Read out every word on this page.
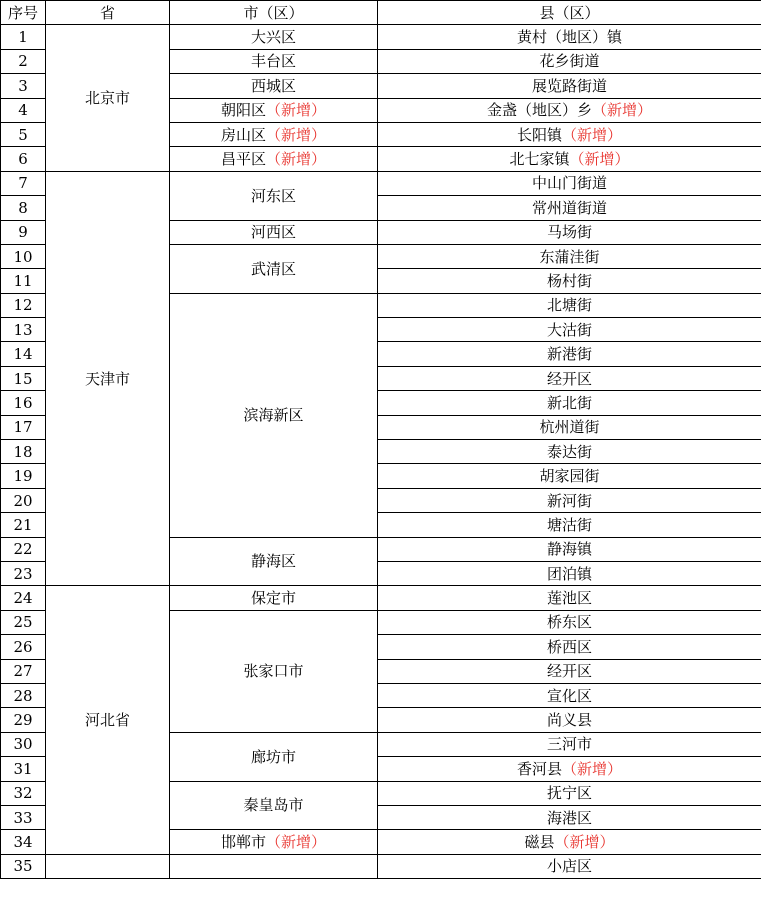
序号	省	市（区）	县（区）
1	北京市	大兴区	黄村（地区）镇
2		丰台区	花乡街道
3		西城区	展览路街道
4		朝阳区（新增）	金盏（地区）乡（新增）
5		房山区（新增）	长阳镇（新增）
6		昌平区（新增）	北七家镇（新增）
7	天津市	河东区	中山门街道
8			常州道街道
9		河西区	马场街
10		武清区	东蒲洼街
11			杨村街
12		滨海新区	北塘街
13			大沽街
14			新港街
15			经开区
16			新北街
17			杭州道街
18			泰达街
19			胡家园街
20			新河街
21			塘沽街
22		静海区	静海镇
23			团泊镇
24	河北省	保定市	莲池区
25		张家口市	桥东区
26			桥西区
27			经开区
28			宣化区
29			尚义县
30		廊坊市	三河市
31			香河县（新增）
32		秦皇岛市	抚宁区
33			海港区
34		邯郸市（新增）	磁县（新增）
35			小店区
